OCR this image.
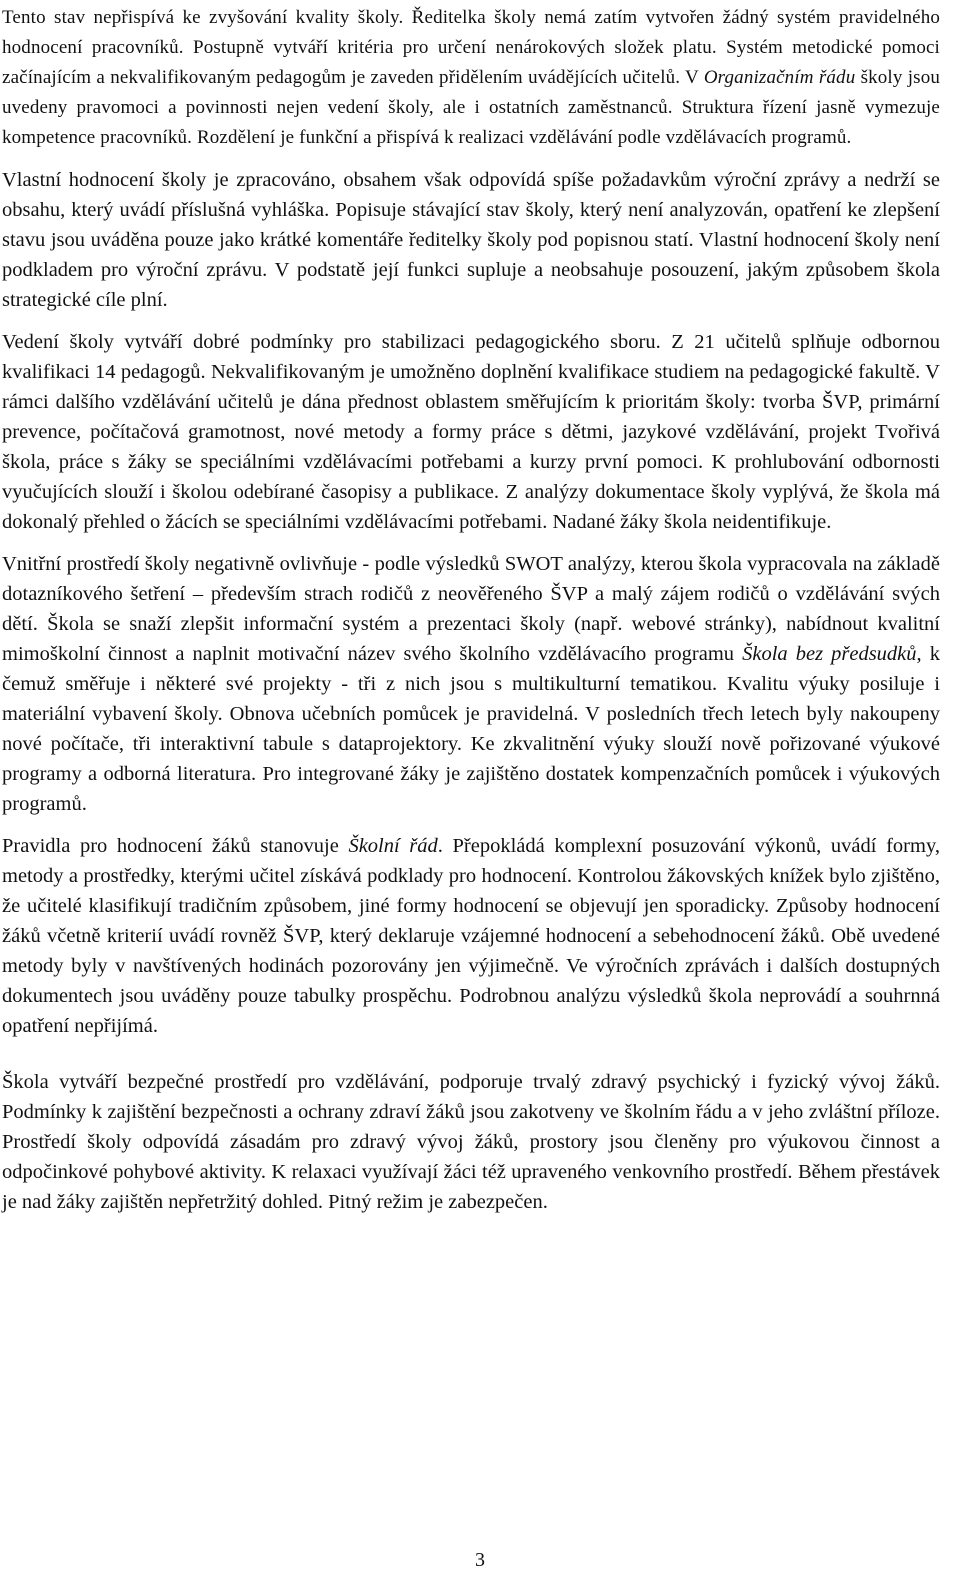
Tento stav nepřispívá ke zvyšování kvality školy. Ředitelka školy nemá zatím vytvořen žádný systém pravidelného hodnocení pracovníků. Postupně vytváří kritéria pro určení nenárokových složek platu. Systém metodické pomoci začínajícím a nekvalifikovaným pedagogům je zaveden přidělením uvádějících učitelů. V Organizačním řádu školy jsou uvedeny pravomoci a povinnosti nejen vedení školy, ale i ostatních zaměstnanců. Struktura řízení jasně vymezuje kompetence pracovníků. Rozdělení je funkční a přispívá k realizaci vzdělávání podle vzdělávacích programů.

Vlastní hodnocení školy je zpracováno, obsahem však odpovídá spíše požadavkům výroční zprávy a nedrží se obsahu, který uvádí příslušná vyhláška. Popisuje stávající stav školy, který není analyzován, opatření ke zlepšení stavu jsou uváděna pouze jako krátké komentáře ředitelky školy pod popisnou statí. Vlastní hodnocení školy není podkladem pro výroční zprávu. V podstatě její funkci supluje a neobsahuje posouzení, jakým způsobem škola strategické cíle plní.

Vedení školy vytváří dobré podmínky pro stabilizaci pedagogického sboru. Z 21 učitelů splňuje odbornou kvalifikaci 14 pedagogů. Nekvalifikovaným je umožněno doplnění kvalifikace studiem na pedagogické fakultě. V rámci dalšího vzdělávání učitelů je dána přednost oblastem směřujícím k prioritám školy: tvorba ŠVP, primární prevence, počítačová gramotnost, nové metody a formy práce s dětmi, jazykové vzdělávání, projekt Tvořivá škola, práce s žáky se speciálními vzdělávacími potřebami a kurzy první pomoci. K prohlubování odbornosti vyučujících slouží i školou odebírané časopisy a publikace. Z analýzy dokumentace školy vyplývá, že škola má dokonalý přehled o žácích se speciálními vzdělávacími potřebami. Nadané žáky škola neidentifikuje.

Vnitřní prostředí školy negativně ovlivňuje - podle výsledků SWOT analýzy, kterou škola vypracovala na základě dotazníkového šetření – především strach rodičů z neověřeného ŠVP a malý zájem rodičů o vzdělávání svých dětí. Škola se snaží zlepšit informační systém a prezentaci školy (např. webové stránky), nabídnout kvalitní mimoškolní činnost a naplnit motivační název svého školního vzdělávacího programu Škola bez předsudků, k čemuž směřuje i některé své projekty - tři z nich jsou s multikulturní tematikou. Kvalitu výuky posiluje i materiální vybavení školy. Obnova učebních pomůcek je pravidelná. V posledních třech letech byly nakoupeny nové počítače, tři interaktivní tabule s dataprojektory. Ke zkvalitnění výuky slouží nově pořizované výukové programy a odborná literatura. Pro integrované žáky je zajištěno dostatek kompenzačních pomůcek i výukových programů.

Pravidla pro hodnocení žáků stanovuje Školní řád. Přepokládá komplexní posuzování výkonů, uvádí formy, metody a prostředky, kterými učitel získává podklady pro hodnocení. Kontrolou žákovských knížek bylo zjištěno, že učitelé klasifikují tradičním způsobem, jiné formy hodnocení se objevují jen sporadicky. Způsoby hodnocení žáků včetně kriterií uvádí rovněž ŠVP, který deklaruje vzájemné hodnocení a sebehodnocení žáků. Obě uvedené metody byly v navštívených hodinách pozorovány jen výjimečně. Ve výročních zprávách i dalších dostupných dokumentech jsou uváděny pouze tabulky prospěchu. Podrobnou analýzu výsledků škola neprovádí a souhrnná opatření nepřijímá.

Škola vytváří bezpečné prostředí pro vzdělávání, podporuje trvalý zdravý psychický i fyzický vývoj žáků. Podmínky k zajištění bezpečnosti a ochrany zdraví žáků jsou zakotveny ve školním řádu a v jeho zvláštní příloze. Prostředí školy odpovídá zásadám pro zdravý vývoj žáků, prostory jsou členěny pro výukovou činnost a odpočinkové pohybové aktivity. K relaxaci využívají žáci též upraveného venkovního prostředí. Během přestávek je nad žáky zajištěn nepřetržitý dohled. Pitný režim je zabezpečen.

3
